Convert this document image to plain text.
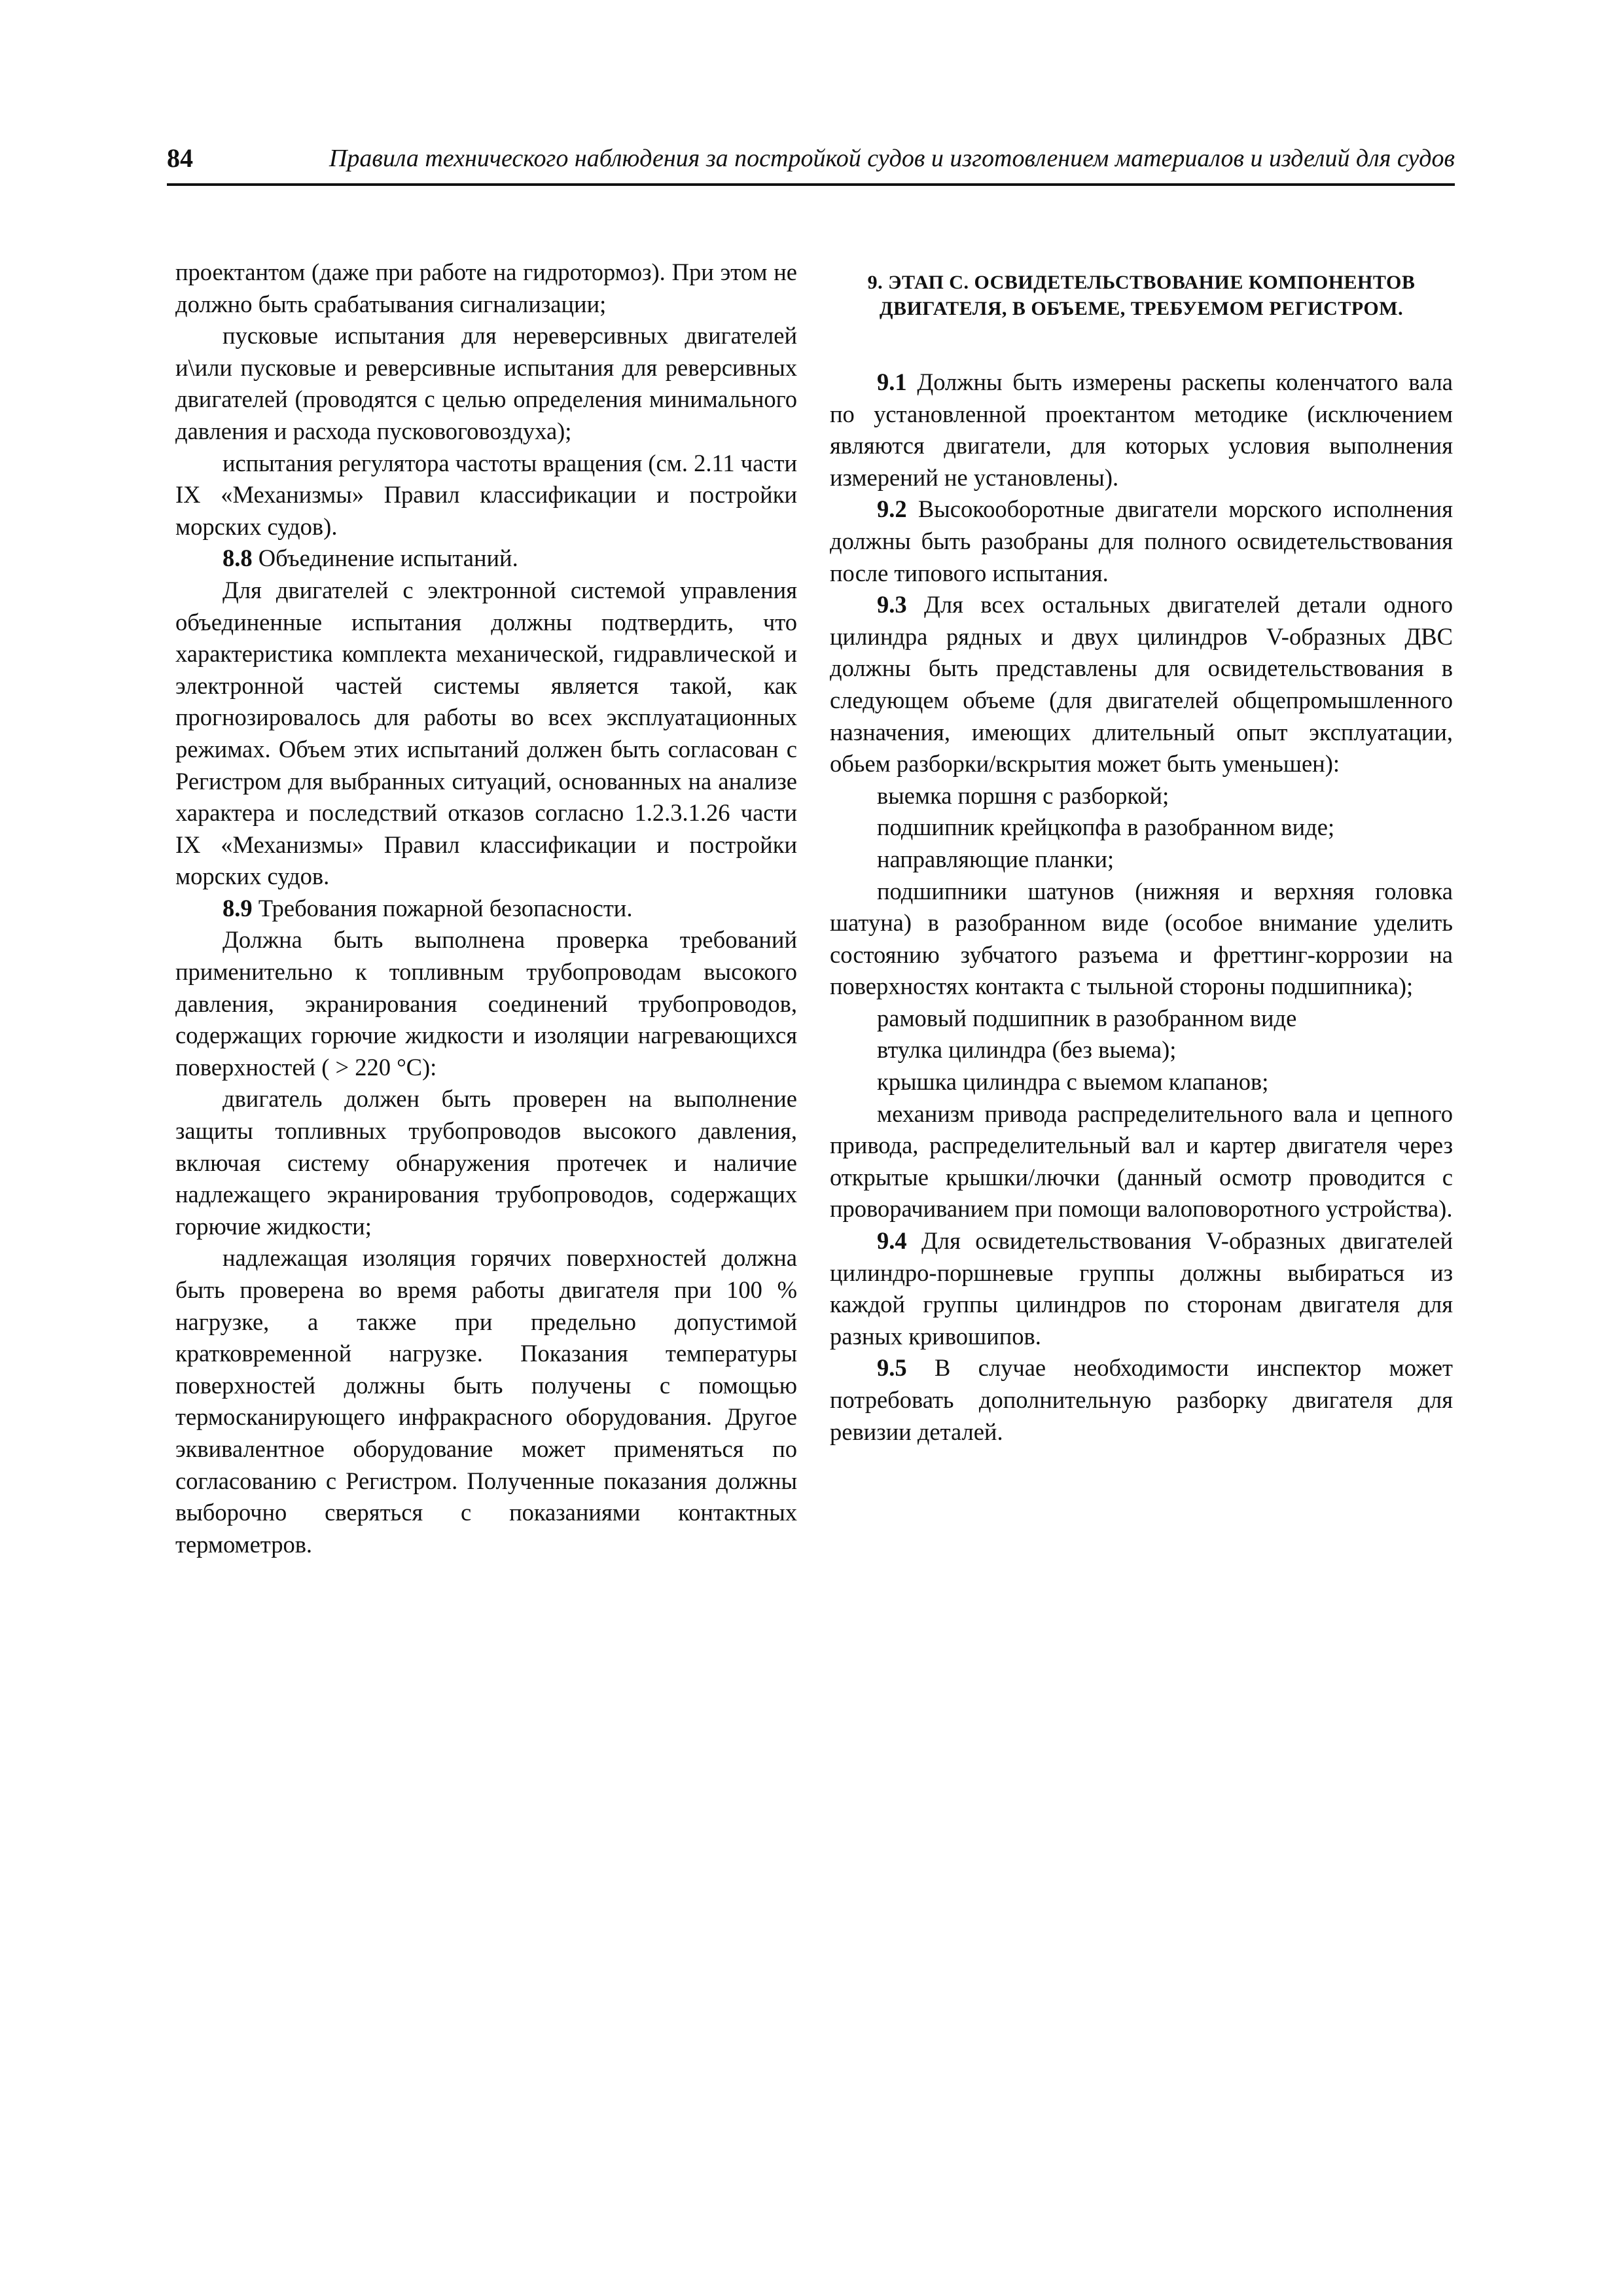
84	Правила технического наблюдения за постройкой судов и изготовлением материалов и изделий для судов

проектантом (даже при работе на гидротормоз). При этом не должно быть срабатывания сигнализации;

пусковые испытания для нереверсивных двигателей и\или пусковые и реверсивные испытания для реверсивных двигателей (проводятся с целью определения минимального давления и расхода пусковоговоздуха);

испытания регулятора частоты вращения (см. 2.11 части IX «Механизмы» Правил классификации и постройки морских судов).

8.8 Объединение испытаний.

Для двигателей с электронной системой управления объединенные испытания должны подтвердить, что характеристика комплекта механической, гидравлической и электронной частей системы является такой, как прогнозировалось для работы во всех эксплуатационных режимах. Объем этих испытаний должен быть согласован с Регистром для выбранных ситуаций, основанных на анализе характера и последствий отказов согласно 1.2.3.1.26 части IX «Механизмы» Правил классификации и постройки морских судов.

8.9 Требования пожарной безопасности.

Должна быть выполнена проверка требований применительно к топливным трубопроводам высокого давления, экранирования соединений трубопроводов, содержащих горючие жидкости и изоляции нагревающихся поверхностей ( > 220 °C):

двигатель должен быть проверен на выполнение защиты топливных трубопроводов высокого давления, включая систему обнаружения протечек и наличие надлежащего экранирования трубопроводов, содержащих горючие жидкости;

надлежащая изоляция горячих поверхностей должна быть проверена во время работы двигателя при 100 % нагрузке, а также при предельно допустимой кратковременной нагрузке. Показания температуры поверхностей должны быть получены с помощью термосканирующего инфракрасного оборудования. Другое эквивалентное оборудование может применяться по согласованию с Регистром. Полученные показания должны выборочно сверяться с показаниями контактных термометров.

9. ЭТАП С. ОСВИДЕТЕЛЬСТВОВАНИЕ КОМПОНЕНТОВ ДВИГАТЕЛЯ, В ОБЪЕМЕ, ТРЕБУЕМОМ РЕГИСТРОМ.

9.1 Должны быть измерены раскепы коленчатого вала по установленной проектантом методике (исключением являются двигатели, для которых условия выполнения измерений не установлены).

9.2 Высокооборотные двигатели морского исполнения должны быть разобраны для полного освидетельствования после типового испытания.

9.3 Для всех остальных двигателей детали одного цилиндра рядных и двух цилиндров V-образных ДВС должны быть представлены для освидетельствования в следующем объеме (для двигателей общепромышленного назначения, имеющих длительный опыт эксплуатации, обьем разборки/вскрытия может быть уменьшен):

выемка поршня с разборкой;

подшипник крейцкопфа в разобранном виде;

направляющие планки;

подшипники шатунов (нижняя и верхняя головка шатуна) в разобранном виде (особое внимание уделить состоянию зубчатого разъема и фреттинг-коррозии на поверхностях контакта с тыльной стороны подшипника);

рамовый подшипник в разобранном виде

втулка цилиндра (без выема);

крышка цилиндра с выемом клапанов;

механизм привода распределительного вала и цепного привода, распределительный вал и картер двигателя через открытые крышки/лючки (данный осмотр проводится с проворачиванием при помощи валоповоротного устройства).

9.4 Для освидетельствования V-образных двигателей цилиндро-поршневые группы должны выбираться из каждой группы цилиндров по сторонам двигателя для разных кривошипов.

9.5 В случае необходимости инспектор может потребовать дополнительную разборку двигателя для ревизии деталей.
